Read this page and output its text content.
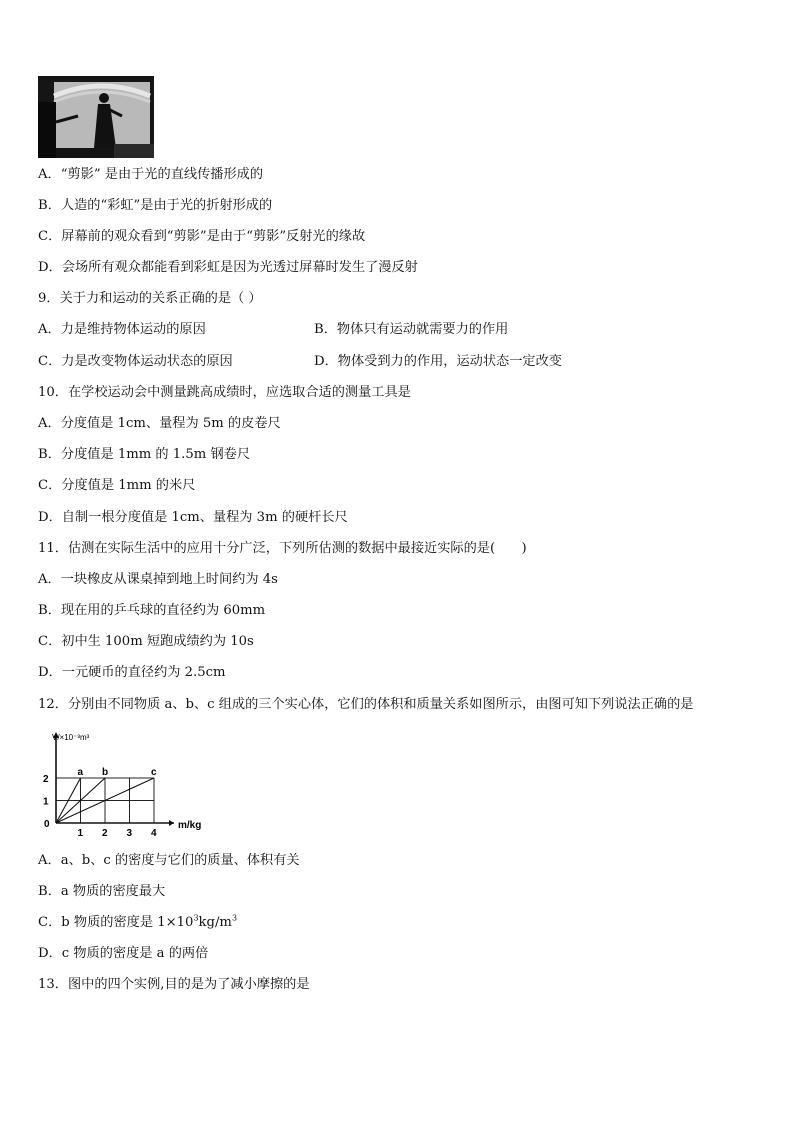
A．“剪影” 是由于光的直线传播形成的
B．人造的“彩虹”是由于光的折射形成的
C．屏幕前的观众看到“剪影”是由于“剪影”反射光的缘故
D．会场所有观众都能看到彩虹是因为光透过屏幕时发生了漫反射
9．关于力和运动的关系正确的是（ ）
A．力是维持物体运动的原因	B．物体只有运动就需要力的作用
C．力是改变物体运动状态的原因	D．物体受到力的作用，运动状态一定改变
10．在学校运动会中测量跳高成绩时，应选取合适的测量工具是
A．分度值是 1cm、量程为 5m 的皮卷尺
B．分度值是 1mm 的 1.5m 钢卷尺
C．分度值是 1mm 的米尺
D．自制一根分度值是 1cm、量程为 3m 的硬杆长尺
11．估测在实际生活中的应用十分广泛，下列所估测的数据中最接近实际的是(　　)
A．一块橡皮从课桌掉到地上时间约为 4s
B．现在用的乒乓球的直径约为 60mm
C．初中生 100m 短跑成绩约为 10s
D．一元硬币的直径约为 2.5cm
12．分别由不同物质 a、b、c 组成的三个实心体，它们的体积和质量关系如图所示，由图可知下列说法正确的是
a b	c
0
1 2 3 4
1
2
V/×10⁻³m³
m/kg
A．a、b、c 的密度与它们的质量、体积有关
B．a 物质的密度最大
C．b 物质的密度是 $1\times 10^3kg/m^3$
D．c 物质的密度是 a 的两倍
13．图中的四个实例,目的是为了减小摩擦的是
